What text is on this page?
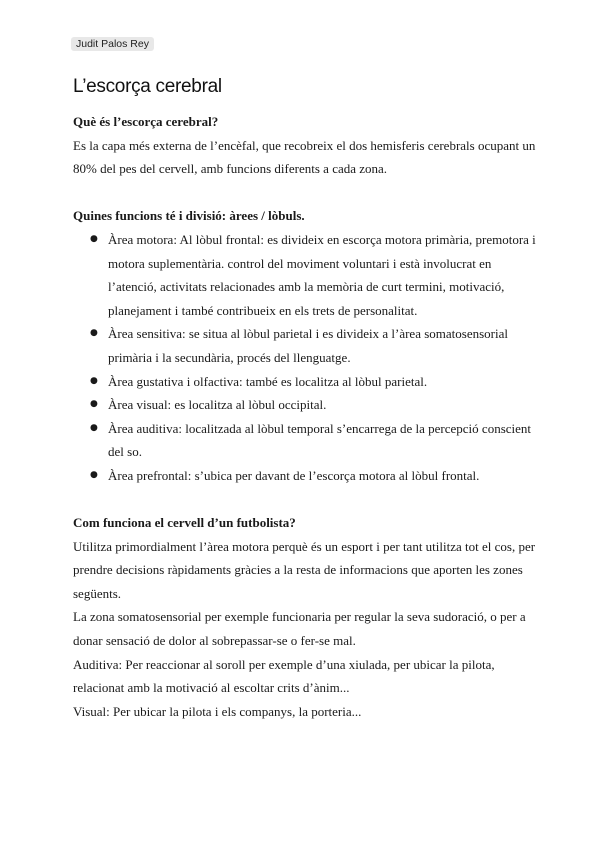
Judit Palos Rey
L’escorça cerebral

Què és l’escorça cerebral?

Es la capa més externa de l’encèfal, que recobreix el dos hemisferis cerebrals ocupant un 80% del pes del cervell, amb funcions diferents a cada zona.

Quines funcions té i divisió: àrees / lòbuls.

● Àrea motora: Al lòbul frontal: es divideix en escorça motora primària, premotora i motora suplementària. control del moviment voluntari i està involucrat en l’atenció, activitats relacionades amb la memòria de curt termini, motivació, planejament i també contribueix en els trets de personalitat.
● Àrea sensitiva: se situa al lòbul parietal i es divideix a l’àrea somatosensorial primària i la secundària, procés del llenguatge.
● Àrea gustativa i olfactiva: també es localitza al lòbul parietal.
● Àrea visual: es localitza al lòbul occipital.
● Àrea auditiva: localitzada al lòbul temporal s’encarrega de la percepció conscient del so.
● Àrea prefrontal: s’ubica per davant de l’escorça motora al lòbul frontal.

Com funciona el cervell d’un futbolista?

Utilitza primordialment l’àrea motora perquè és un esport i per tant utilitza tot el cos, per prendre decisions ràpidaments gràcies a la resta de informacions que aporten les zones següents.

La zona somatosensorial per exemple funcionaria per regular la seva sudoració, o per a donar sensació de dolor al sobrepassar-se o fer-se mal.

Auditiva: Per reaccionar al soroll per exemple d’una xiulada, per ubicar la pilota, relacionat amb la motivació al escoltar crits d’ànim...

Visual: Per ubicar la pilota i els companys, la porteria...
